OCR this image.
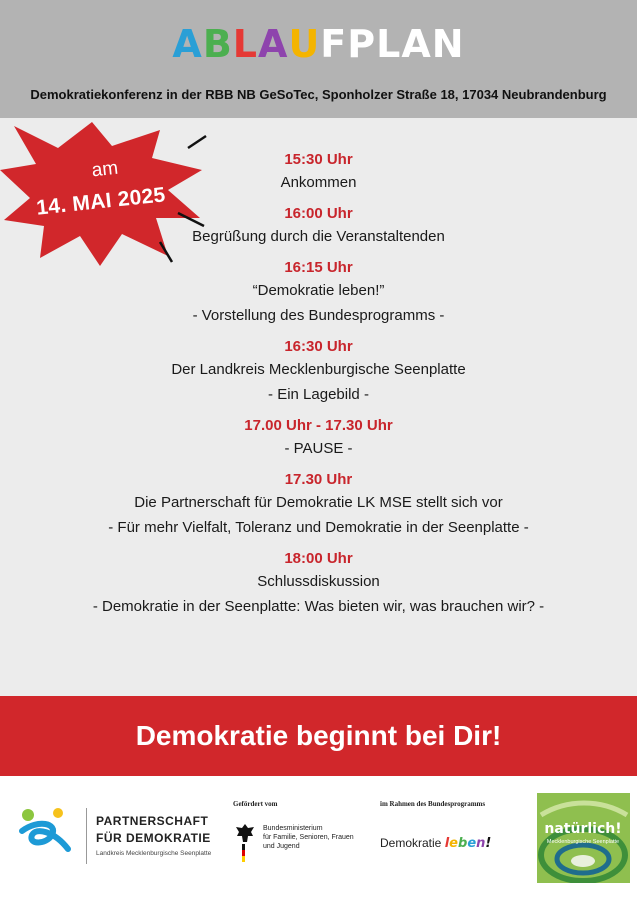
ABLAUFPLAN
Demokratiekonferenz in der RBB NB GeSoTec, Sponholzer Straße 18, 17034 Neubrandenburg
am
14. MAI 2025
15:30 Uhr
Ankommen
16:00 Uhr
Begrüßung durch die Veranstaltenden
16:15 Uhr
“Demokratie leben!”
- Vorstellung des Bundesprogramms -
16:30 Uhr
Der Landkreis Mecklenburgische Seenplatte
- Ein Lagebild -
17.00 Uhr - 17.30 Uhr
- PAUSE -
17.30 Uhr
Die Partnerschaft für Demokratie LK MSE stellt sich vor
- Für mehr Vielfalt, Toleranz und Demokratie in der Seenplatte -
18:00 Uhr
Schlussdiskussion
- Demokratie in der Seenplatte: Was bieten wir, was brauchen wir? -
Demokratie beginnt bei Dir!
PARTNERSCHAFT
FÜR DEMOKRATIE
Landkreis Mecklenburgische Seenplatte
Gefördert vom
Bundesministerium
für Familie, Senioren, Frauen
und Jugend
im Rahmen des Bundesprogramms
Demokratie leben!
natürlich!
Mecklenburgische Seenplatte
